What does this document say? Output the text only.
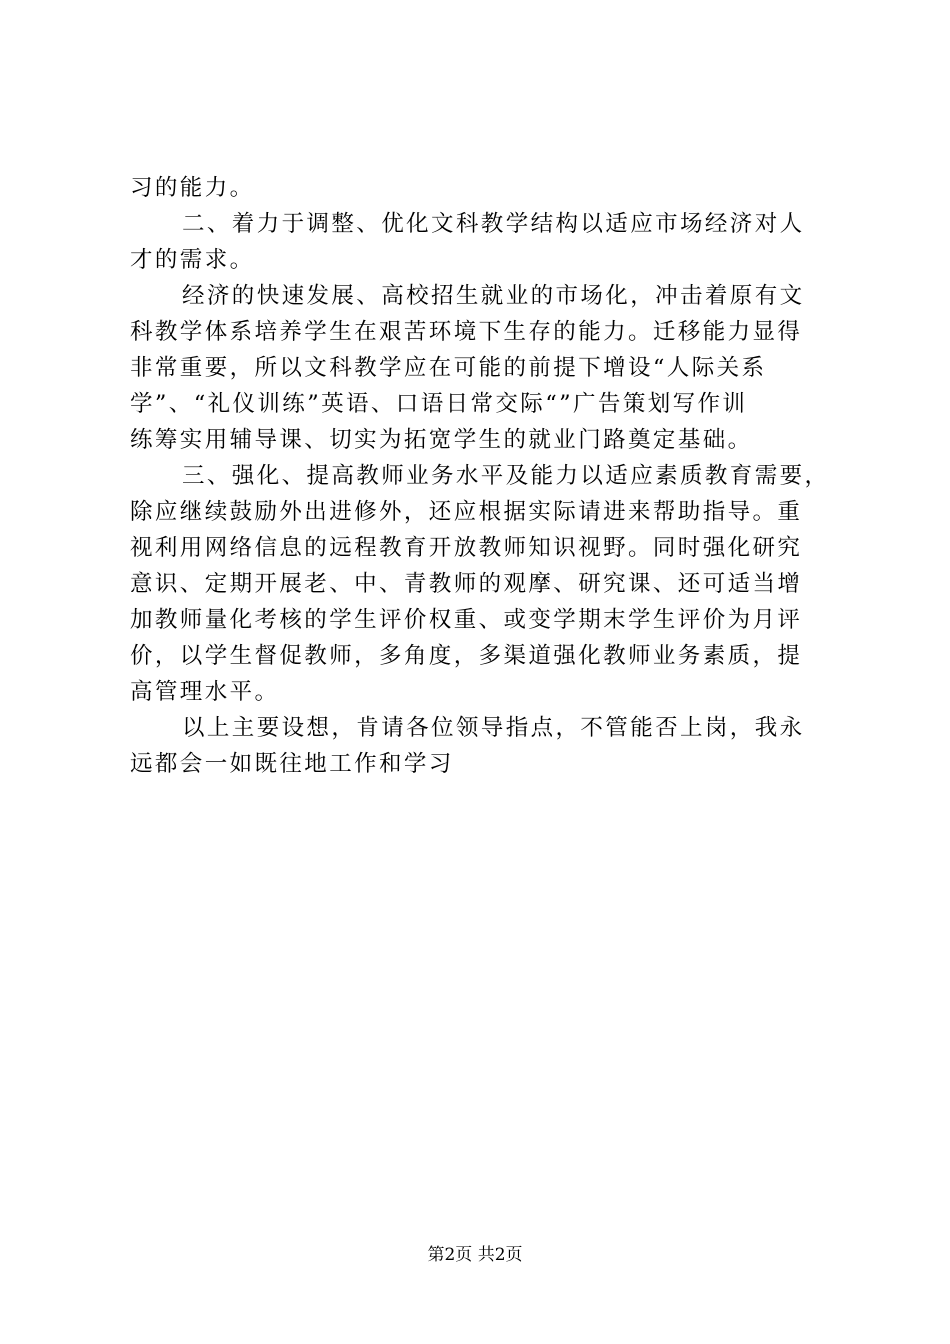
习的能力。
二、着力于调整、优化文科教学结构以适应市场经济对人
才的需求。
经济的快速发展、高校招生就业的市场化，冲击着原有文
科教学体系培养学生在艰苦环境下生存的能力。迁移能力显得
非常重要，所以文科教学应在可能的前提下增设“人际关系
学”、“礼仪训练”英语、口语日常交际“”广告策划写作训
练筹实用辅导课、切实为拓宽学生的就业门路奠定基础。
三、强化、提高教师业务水平及能力以适应素质教育需要，
除应继续鼓励外出进修外，还应根据实际请进来帮助指导。重
视利用网络信息的远程教育开放教师知识视野。同时强化研究
意识、定期开展老、中、青教师的观摩、研究课、还可适当增
加教师量化考核的学生评价权重、或变学期末学生评价为月评
价，以学生督促教师，多角度，多渠道强化教师业务素质，提
高管理水平。
以上主要设想，肯请各位领导指点，不管能否上岗，我永
远都会一如既往地工作和学习
第2页 共2页
